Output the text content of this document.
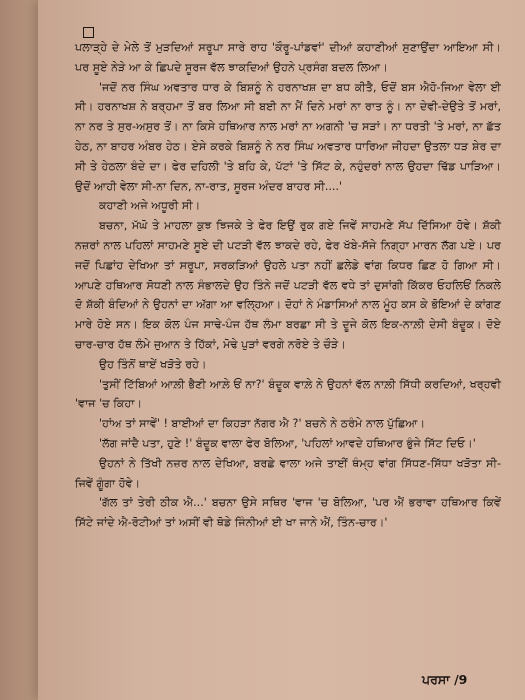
ਪਲਾੜ੍ਹੇ ਦੇ ਮੇਲੇ ਤੋਂ ਮੁੜਦਿਆਂ ਸਰੂਪਾ ਸਾਰੇ ਰਾਹ 'ਕੌਰੂ-ਪਾਂਡਵਾਂ' ਦੀਆਂ ਕਹਾਣੀਆਂ ਸੁਣਾਉਂਦਾ ਆਇਆ ਸੀ। ਪਰ ਸੂਏ ਨੇੜੇ ਆ ਕੇ ਛਿਪਦੇ ਸੂਰਜ ਵੱਲ ਝਾਕਦਿਆਂ ਉਹਨੇ ਪ੍ਰਸੰਗ ਬਦਲ ਲਿਆ।

'ਜਦੋਂ ਨਰ ਸਿੰਘ ਅਵਤਾਰ ਧਾਰ ਕੇ ਬਿਸ਼ਨੂੰ ਨੇ ਹਰਨਾਖਸ਼ ਦਾ ਬਧ ਕੀਤੈ, ਓਦੋਂ ਬਸ ਐਹੋ-ਜਿਆ ਵੇਲਾ ਈ ਸੀ। ਹਰਨਾਖਸ਼ ਨੇ ਬਰ੍ਹਮਾ ਤੋਂ ਬਰ ਲਿਆ ਸੀ ਬਈ ਨਾ ਮੈਂ ਦਿਨੇ ਮਰਾਂ ਨਾ ਰਾਤ ਨੂੰ। ਨਾ ਦੇਵੀ-ਦੇਉਤੇ ਤੋਂ ਮਰਾਂ, ਨਾ ਨਰ ਤੇ ਸੁਰ-ਅਸੁਰ ਤੋਂ। ਨਾ ਕਿਸੇ ਹਥਿਆਰ ਨਾਲ ਮਰਾਂ ਨਾ ਅਗਨੀ 'ਚ ਸੜਾਂ। ਨਾ ਧਰਤੀ 'ਤੇ ਮਰਾਂ, ਨਾ ਛੱਤ ਹੇਠ, ਨਾ ਬਾਹਰ ਅੰਬਰ ਹੇਠ। ਏਸੇ ਕਰਕੇ ਬਿਸ਼ਨੂੰ ਨੇ ਨਰ ਸਿੰਘ ਅਵਤਾਰ ਧਾਰਿਆ ਜੀਹਦਾ ਉਤਲਾ ਧੜ ਸ਼ੇਰ ਦਾ ਸੀ ਤੇ ਹੇਠਲਾ ਬੰਦੇ ਦਾ। ਫੇਰ ਦਹਿਲੀ 'ਤੇ ਬਹਿ ਕੇ, ਪੱਟਾਂ 'ਤੇ ਸਿੱਟ ਕੇ, ਨਹੁੰਦਰਾਂ ਨਾਲ ਉਹਦਾ ਢਿੱਡ ਪਾੜਿਆ। ਉਦੋਂ ਆਹੀ ਵੇਲਾ ਸੀ-ਨਾ ਦਿਨ, ਨਾ-ਰਾਤ, ਸੂਰਜ ਅੰਦਰ ਬਾਹਰ ਸੀ....'

ਕਹਾਣੀ ਅਜੇ ਅਧੂਰੀ ਸੀ।

ਬਚਨਾ, ਮੱਘੋ ਤੇ ਮਾਹਲਾ ਕੁਝ ਝਿਜਕੇ ਤੇ ਫੇਰ ਇਉਂ ਰੁਕ ਗਏ ਜਿਵੇਂ ਸਾਹਮਣੇ ਸੱਪ ਦਿੱਸਿਆ ਹੋਵੇ। ਸ਼ੱਕੀ ਨਜ਼ਰਾਂ ਨਾਲ ਪਹਿਲਾਂ ਸਾਹਮਣੇ ਸੂਏ ਦੀ ਪਟੜੀ ਵੱਲ ਝਾਕਦੇ ਰਹੇ, ਫੇਰ ਖੱਬੇ-ਸੱਜੇ ਨਿਗ੍ਹਾ ਮਾਰਨ ਲੱਗ ਪਏ। ਪਰ ਜਦੋਂ ਪਿਛਾਂਹ ਦੇਖਿਆ ਤਾਂ ਸਰੂਪਾ, ਸਰਕੜਿਆਂ ਉਹਲੇ ਪਤਾ ਨਹੀਂ ਛਲੇਡੇ ਵਾਂਗ ਕਿਧਰ ਛਿਣ ਹੋ ਗਿਆ ਸੀ। ਆਪਣੇ ਹਥਿਆਰ ਸੋਧਣੀ ਨਾਲ ਸੰਭਾਲਦੇ ਉਹ ਤਿੰਨੇ ਜਦੋਂ ਪਟੜੀ ਵੱਲ ਵਧੇ ਤਾਂ ਦੁਸਾਂਗੀ ਕਿੱਕਰ ਓਹਲਿਓਂ ਨਿਕਲੇ ਦੋ ਸ਼ੱਕੀ ਬੰਦਿਆਂ ਨੇ ਉਹਨਾਂ ਦਾ ਅੱਗਾ ਆ ਵਲ੍ਹਿਆ। ਦੋਹਾਂ ਨੇ ਮੰਡਾਸਿਆਂ ਨਾਲ ਮੂੰਹ ਕਸ ਕੇ ਭੋਇਆਂ ਦੇ ਕਾਂਗਣ ਮਾਰੇ ਹੋਏ ਸਨ। ਇਕ ਕੋਲ ਪੰਜ ਸਾਢੇ-ਪੰਜ ਹੱਥ ਲੰਮਾ ਬਰਛਾ ਸੀ ਤੇ ਦੂਜੇ ਕੋਲ ਇਕ-ਨਾਲ਼ੀ ਦੇਸੀ ਬੰਦੂਕ। ਦੋਏ ਚਾਰ-ਚਾਰ ਹੱਥ ਲੰਮੇ ਜੁਆਨ ਤੇ ਹਿੱਕਾਂ, ਮੋਢੇ ਪੁੜਾਂ ਵਰਗੇ ਨਰੋਏ ਤੇ ਚੌੜੇ।

ਉਹ ਤਿੰਨੋਂ ਥਾਏਂ ਖੜੋਤੇ ਰਹੇ।

'ਤੁਸੀਂ ਟਿੱਬਿਆਂ ਆਲ਼ੀ ਭੈਣੀ ਆਲ਼ੇ ਓਂ ਨਾ?' ਬੰਦੂਕ ਵਾਲ਼ੇ ਨੇ ਉਹਨਾਂ ਵੱਲ ਨਾਲ਼ੀ ਸਿੱਧੀ ਕਰਦਿਆਂ, ਖਰ੍ਹਵੀ 'ਵਾਜ 'ਚ ਕਿਹਾ।

'ਹਾਂਅ ਤਾਂ ਸਾਵੇਂ' ! ਬਾਈਆਂ ਦਾ ਕਿਹੜਾ ਨੱਗਰ ਐ ?' ਬਚਨੇ ਨੇ ਠਰੰਮੇ ਨਾਲ ਪੁੱਛਿਆ।

'ਲੱਗ ਜਾਂਦੈ ਪਤਾ, ਹੁਣੇ !' ਬੰਦੂਕ ਵਾਲਾ ਫੇਰ ਬੋਲਿਆ, 'ਪਹਿਲਾਂ ਆਵਦੇ ਹਥਿਆਰ ਭੁੰਜੇ ਸਿੱਟ ਦਿਓ।'

ਉਹਨਾਂ ਨੇ ਤਿੱਖੀ ਨਜ਼ਰ ਨਾਲ ਦੇਖਿਆ, ਬਰਛੇ ਵਾਲਾ ਅਜੇ ਤਾਈਂ ਥੰਮ੍ਹ ਵਾਂਗ ਸਿੱਧਣ-ਸਿੱਧਾ ਖੜੋਤਾ ਸੀ-ਜਿਵੇਂ ਗੂੰਗਾ ਹੋਵੇ।

'ਗੱਲ ਤਾਂ ਤੇਰੀ ਠੀਕ ਐ...' ਬਚਨਾ ਉਸੇ ਸਥਿਰ 'ਵਾਜ 'ਚ ਬੋਲਿਆ, 'ਪਰ ਐਂ ਭਰਾਵਾ ਹਥਿਆਰ ਕਿਵੇਂ ਸਿੱਟੇ ਜਾਂਦੇ ਐ-ਰੋਟੀਆਂ ਤਾਂ ਅਸੀਂ ਵੀ ਥੋਡੇ ਜਿੰਨੀਆਂ ਈ ਖਾ ਜਾਨੇ ਐਂ, ਤਿੰਨ-ਚਾਰ।'

ਪਰਸਾ /9
